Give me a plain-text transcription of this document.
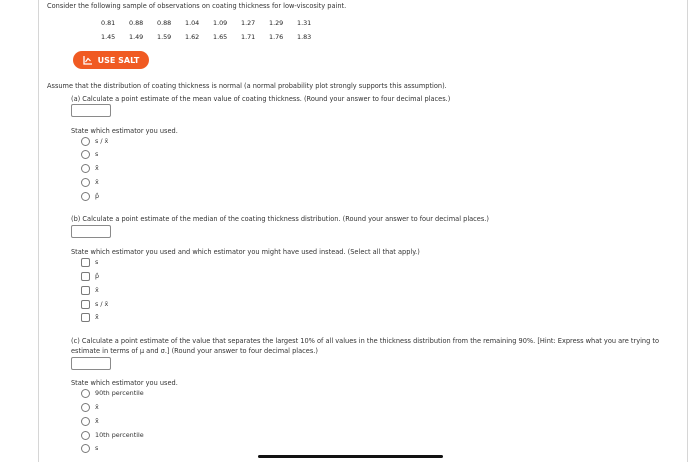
Consider the following sample of observations on coating thickness for low-viscosity paint.
0.81 0.88 0.88 1.04 1.09 1.27 1.29 1.31
1.45 1.49 1.59 1.62 1.65 1.71 1.76 1.83
USE SALT
Assume that the distribution of coating thickness is normal (a normal probability plot strongly supports this assumption).
(a) Calculate a point estimate of the mean value of coating thickness. (Round your answer to four decimal places.)
State which estimator you used.
s / x̄
s
x̃
x̄
p̂
(b) Calculate a point estimate of the median of the coating thickness distribution. (Round your answer to four decimal places.)
State which estimator you used and which estimator you might have used instead. (Select all that apply.)
s
p̂
x̄
s / x̄
x̃
(c) Calculate a point estimate of the value that separates the largest 10% of all values in the thickness distribution from the remaining 90%. [Hint: Express what you are trying to
estimate in terms of μ and σ.] (Round your answer to four decimal places.)
State which estimator you used.
90th percentile
x̄
x̃
10th percentile
s
